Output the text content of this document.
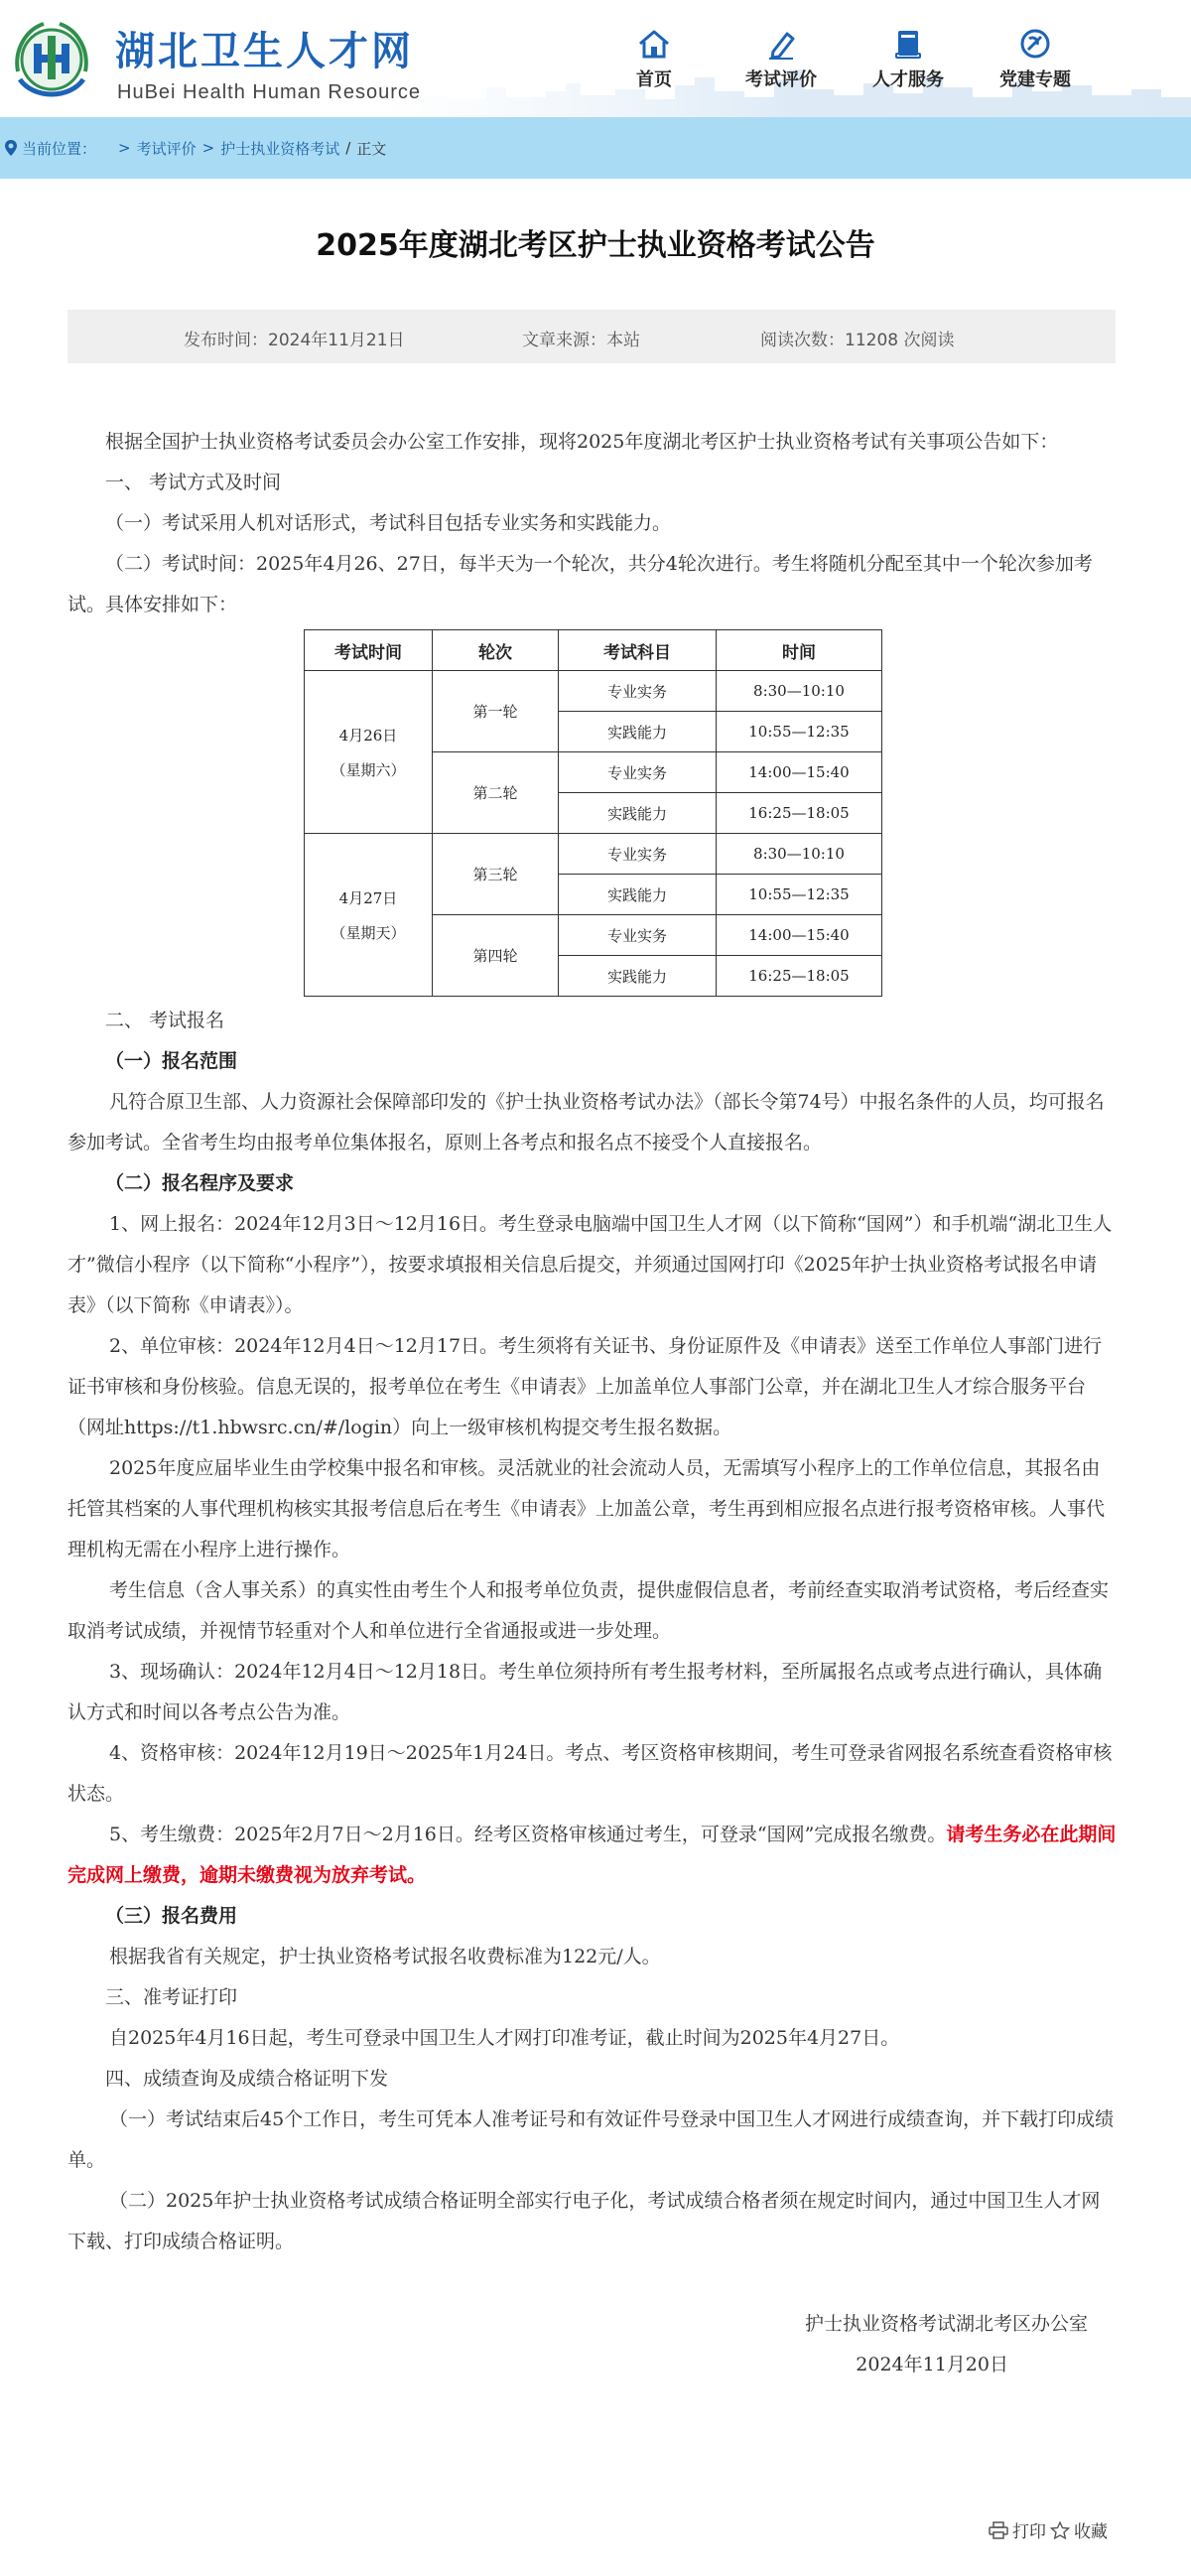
湖北卫生人才网
HuBei Health Human Resource
首页	考试评价	人才服务	党建专题
当前位置： > 考试评价 > 护士执业资格考试 / 正文
2025年度湖北考区护士执业资格考试公告
发布时间：2024年11月21日	文章来源：本站	阅读次数：11208 次阅读

根据全国护士执业资格考试委员会办公室工作安排，现将2025年度湖北考区护士执业资格考试有关事项公告如下：

一、 考试方式及时间

（一）考试采用人机对话形式，考试科目包括专业实务和实践能力。

（二）考试时间：2025年4月26、27日，每半天为一个轮次，共分4轮次进行。考生将随机分配至其中一个轮次参加考试。具体安排如下：

考试时间	轮次	考试科目	时间

4月26日
（星期六）	第一轮	专业实务	8:30—10:10
		实践能力	10:55—12:35
	第二轮	专业实务	14:00—15:40
		实践能力	16:25—18:05

4月27日
（星期天）	第三轮	专业实务	8:30—10:10
		实践能力	10:55—12:35
	第四轮	专业实务	14:00—15:40
		实践能力	16:25—18:05

二、 考试报名

（一）报名范围

凡符合原卫生部、人力资源社会保障部印发的《护士执业资格考试办法》（部长令第74号）中报名条件的人员，均可报名参加考试。全省考生均由报考单位集体报名，原则上各考点和报名点不接受个人直接报名。

（二）报名程序及要求

1、网上报名：2024年12月3日～12月16日。考生登录电脑端中国卫生人才网（以下简称“国网”）和手机端“湖北卫生人才”微信小程序（以下简称“小程序”），按要求填报相关信息后提交，并须通过国网打印《2025年护士执业资格考试报名申请表》（以下简称《申请表》）。

2、单位审核：2024年12月4日～12月17日。考生须将有关证书、身份证原件及《申请表》送至工作单位人事部门进行证书审核和身份核验。信息无误的，报考单位在考生《申请表》上加盖单位人事部门公章，并在湖北卫生人才综合服务平台（网址https://t1.hbwsrc.cn/#/login）向上一级审核机构提交考生报名数据。

2025年度应届毕业生由学校集中报名和审核。灵活就业的社会流动人员，无需填写小程序上的工作单位信息，其报名由托管其档案的人事代理机构核实其报考信息后在考生《申请表》上加盖公章，考生再到相应报名点进行报考资格审核。人事代理机构无需在小程序上进行操作。

考生信息（含人事关系）的真实性由考生个人和报考单位负责，提供虚假信息者，考前经查实取消考试资格，考后经查实取消考试成绩，并视情节轻重对个人和单位进行全省通报或进一步处理。

3、现场确认：2024年12月4日～12月18日。考生单位须持所有考生报考材料，至所属报名点或考点进行确认，具体确认方式和时间以各考点公告为准。

4、资格审核：2024年12月19日～2025年1月24日。考点、考区资格审核期间，考生可登录省网报名系统查看资格审核状态。

5、考生缴费：2025年2月7日～2月16日。经考区资格审核通过考生，可登录“国网”完成报名缴费。请考生务必在此期间完成网上缴费，逾期未缴费视为放弃考试。

（三）报名费用

根据我省有关规定，护士执业资格考试报名收费标准为122元/人。

三、准考证打印

自2025年4月16日起，考生可登录中国卫生人才网打印准考证，截止时间为2025年4月27日。

四、成绩查询及成绩合格证明下发

（一）考试结束后45个工作日，考生可凭本人准考证号和有效证件号登录中国卫生人才网进行成绩查询，并下载打印成绩单。

（二）2025年护士执业资格考试成绩合格证明全部实行电子化，考试成绩合格者须在规定时间内，通过中国卫生人才网下载、打印成绩合格证明。

护士执业资格考试湖北考区办公室

2024年11月20日

打印 收藏
